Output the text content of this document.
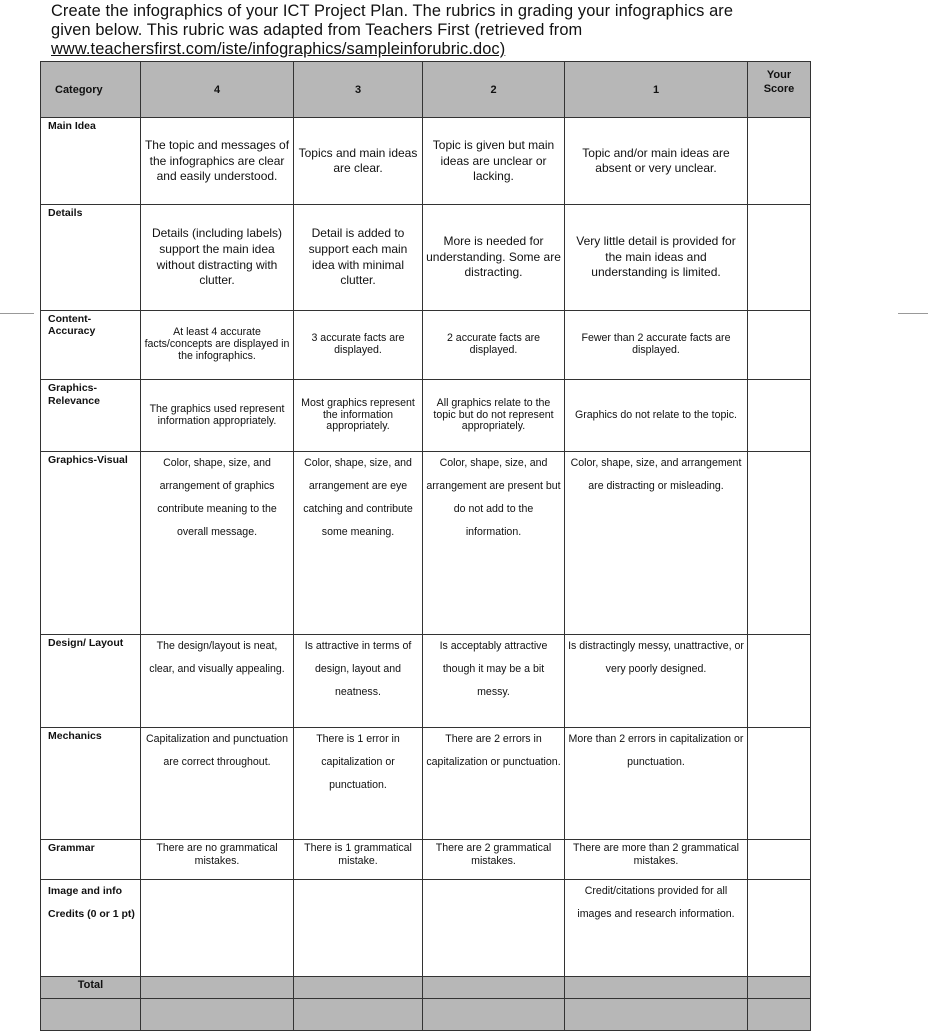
Create the infographics of your ICT Project Plan. The rubrics in grading your infographics are
given below. This rubric was adapted from Teachers First (retrieved from
www.teachersfirst.com/iste/infographics/sampleinforubric.doc)
Category	4	3	2	1	Your Score
Main Idea	The topic and messages of the infographics are clear and easily understood.	Topics and main ideas are clear.	Topic is given but main ideas are unclear or lacking.	Topic and/or main ideas are absent or very unclear.	
Details	Details (including labels) support the main idea without distracting with clutter.	Detail is added to support each main idea with minimal clutter.	More is needed for understanding. Some are distracting.	Very little detail is provided for the main ideas and understanding is limited.	
Content-Accuracy	At least 4 accurate facts/concepts are displayed in the infographics.	3 accurate facts are displayed.	2 accurate facts are displayed.	Fewer than 2 accurate facts are displayed.	
Graphics-Relevance	The graphics used represent information appropriately.	Most graphics represent the information appropriately.	All graphics relate to the topic but do not represent appropriately.	Graphics do not relate to the topic.	
Graphics-Visual	Color, shape, size, and arrangement of graphics contribute meaning to the overall message.	Color, shape, size, and arrangement are eye catching and contribute some meaning.	Color, shape, size, and arrangement are present but do not add to the information.	Color, shape, size, and arrangement are distracting or misleading.	
Design/ Layout	The design/layout is neat, clear, and visually appealing.	Is attractive in terms of design, layout and neatness.	Is acceptably attractive though it may be a bit messy.	Is distractingly messy, unattractive, or very poorly designed.	
Mechanics	Capitalization and punctuation are correct throughout.	There is 1 error in capitalization or punctuation.	There are 2 errors in capitalization or punctuation.	More than 2 errors in capitalization or punctuation.	
Grammar	There are no grammatical mistakes.	There is 1 grammatical mistake.	There are 2 grammatical mistakes.	There are more than 2 grammatical mistakes.	
Image and info Credits (0 or 1 pt)				Credit/citations provided for all images and research information.	
Total					
